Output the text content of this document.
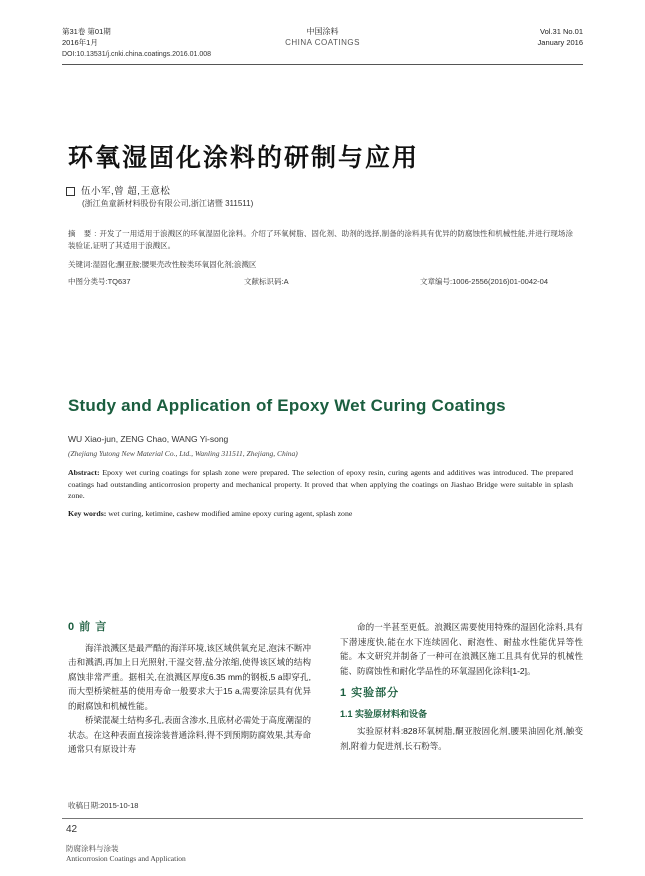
第31卷 第01期
2016年1月
中国涂料
CHINA COATINGS
Vol.31 No.01
January 2016
DOI:10.13531/j.cnki.china.coatings.2016.01.008
环氧湿固化涂料的研制与应用
伍小军,曾 超,王意松
(浙江鱼童新材料股份有限公司,浙江诸暨 311511)
摘 要:开发了一用适用于浪溅区的环氧湿固化涂料。介绍了环氧树脂、固化剂、助剂的选择,制备的涂料具有优异的防腐蚀性和机械性能,并进行现场涂装验证,证明了其适用于浪溅区。
关键词:湿固化;酮亚胺;腰果壳改性胺类环氧固化剂;浪溅区
中图分类号:TQ637	文献标识码:A	文章编号:1006-2556(2016)01-0042-04
Study and Application of Epoxy Wet Curing Coatings
WU Xiao-jun, ZENG Chao, WANG Yi-song
(Zhejiang Yutong New Material Co., Ltd., Wanling 311511, Zhejiang, China)
Abstract: Epoxy wet curing coatings for splash zone were prepared. The selection of epoxy resin, curing agents and additives was introduced. The prepared coatings had outstanding anticorrosion property and mechanical property. It proved that when applying the coatings on Jiashao Bridge were suitable in splash zone.
Key words: wet curing, ketimine, cashew modified amine epoxy curing agent, splash zone
0 前 言

海洋浪溅区是最严酷的海洋环境,该区域供氧充足,泡沫不断冲击和溅洒,再加上日光照射,干湿交替,盐分浓缩,使得该区域的结构腐蚀非常严重。据相关,在浪溅区厚度6.35 mm的钢板,5 a即穿孔,而大型桥梁桩基的使用寿命一般要求大于15 a,需要涂层具有优异的耐腐蚀和机械性能。

桥梁混凝土结构多孔,表面含渗水,且底材必需处于高度潮湿的状态。在这种表面直接涂装普通涂料,得不到预期防腐效果,其寿命通常只有原设计寿

命的一半甚至更低。浪溅区需要使用特殊的湿固化涂料,具有下潜速度快,能在水下连续固化、耐泡性、耐盐水性能优异等性能。本文研究并制备了一种可在浪溅区施工且具有优异的机械性能、防腐蚀性和耐化学品性的环氧湿固化涂料[1-2]。

1 实验部分
1.1 实验原材料和设备

实验原材料:828环氧树脂,酮亚胺固化剂,腰果油固化剂,触变剂,附着力促进剂,长石粉等。

收稿日期:2015-10-18
42
防腐涂料与涂装
Anticorrosion Coatings and Application
